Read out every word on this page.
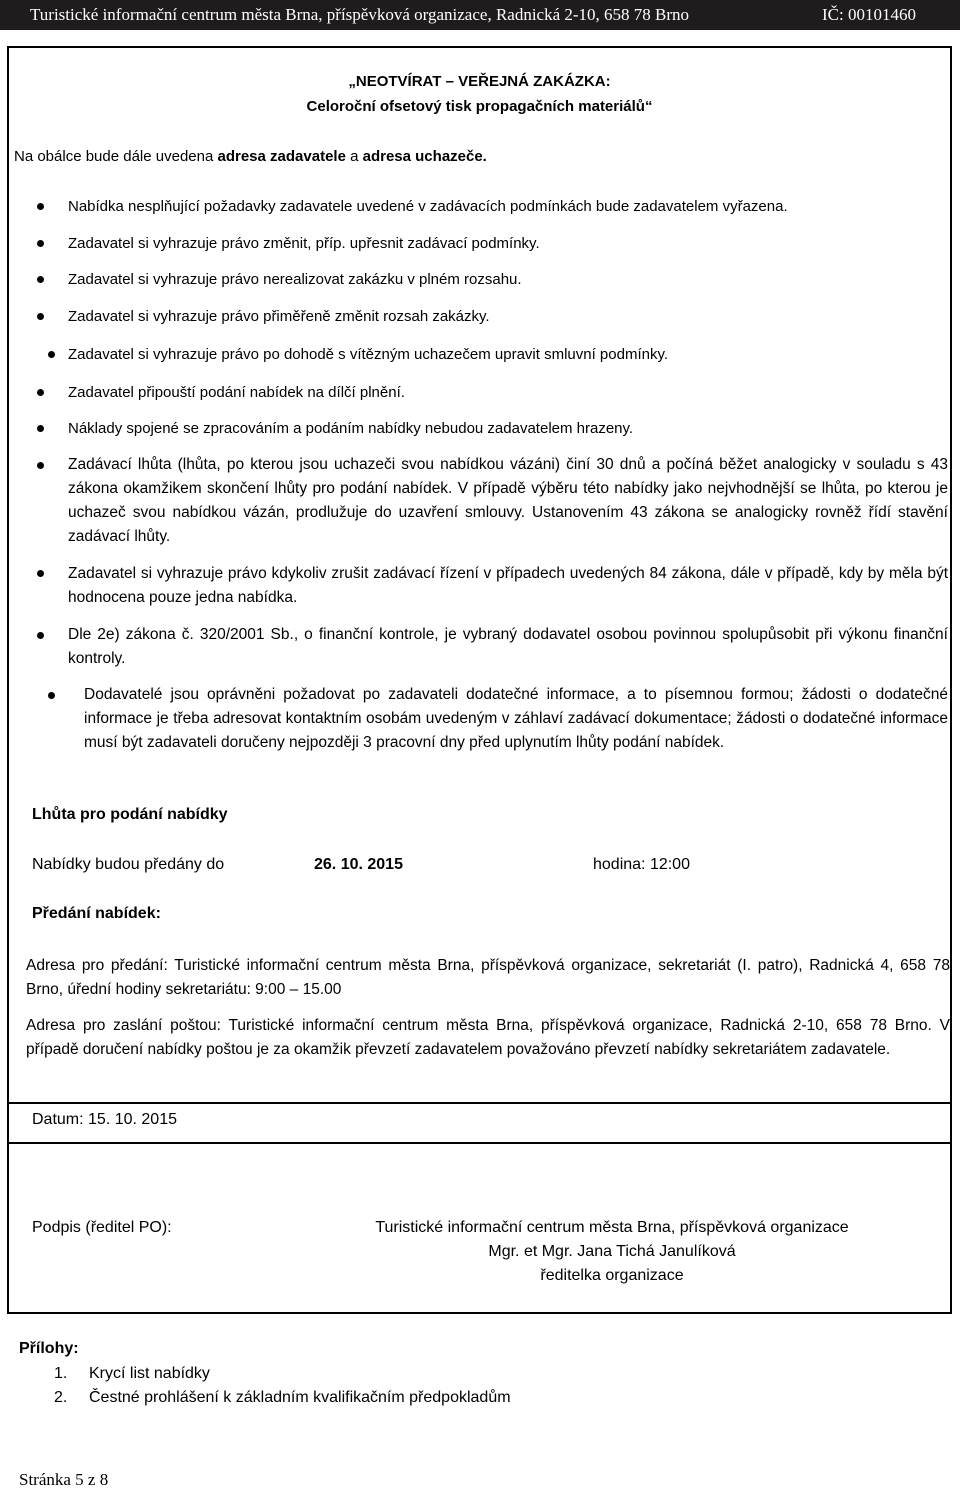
Turistické informační centrum města Brna, příspěvková organizace, Radnická 2-10, 658 78 Brno	IČ: 00101460
„NEOTVÍRAT – VEŘEJNÁ ZAKÁZKA:
Celoroční ofsetový tisk propagačních materiálů“
Na obálce bude dále uvedena adresa zadavatele a adresa uchazeče.
Nabídka nesplňující požadavky zadavatele uvedené v zadávacích podmínkách bude zadavatelem vyřazena.
Zadavatel si vyhrazuje právo změnit, příp. upřesnit zadávací podmínky.
Zadavatel si vyhrazuje právo nerealizovat zakázku v plném rozsahu.
Zadavatel si vyhrazuje právo přiměřeně změnit rozsah zakázky.
Zadavatel si vyhrazuje právo po dohodě s vítězným uchazečem upravit smluvní podmínky.
Zadavatel připouští podání nabídek na dílčí plnění.
Náklady spojené se zpracováním a podáním nabídky nebudou zadavatelem hrazeny.
Zadávací lhůta (lhůta, po kterou jsou uchazeči svou nabídkou vázáni) činí 30 dnů a počíná běžet analogicky v souladu s 43 zákona okamžikem skončení lhůty pro podání nabídek. V případě výběru této nabídky jako nejvhodnější se lhůta, po kterou je uchazeč svou nabídkou vázán, prodlužuje do uzavření smlouvy. Ustanovením 43 zákona se analogicky rovněž řídí stavění zadávací lhůty.
Zadavatel si vyhrazuje právo kdykoliv zrušit zadávací řízení v případech uvedených 84 zákona, dále v případě, kdy by měla být hodnocena pouze jedna nabídka.
Dle 2e) zákona č. 320/2001 Sb., o finanční kontrole, je vybraný dodavatel osobou povinnou spolupůsobit při výkonu finanční kontroly.
Dodavatelé jsou oprávněni požadovat po zadavateli dodatečné informace, a to písemnou formou; žádosti o dodatečné informace je třeba adresovat kontaktním osobám uvedeným v záhlaví zadávací dokumentace; žádosti o dodatečné informace musí být zadavateli doručeny nejpozději 3 pracovní dny před uplynutím lhůty podání nabídek.
Lhůta pro podání nabídky
Nabídky budou předány do	26. 10. 2015	hodina: 12:00
Předání nabídek:
Adresa pro předání: Turistické informační centrum města Brna, příspěvková organizace, sekretariát (I. patro), Radnická 4, 658 78 Brno, úřední hodiny sekretariátu: 9:00 – 15.00
Adresa pro zaslání poštou: Turistické informační centrum města Brna, příspěvková organizace, Radnická 2-10, 658 78 Brno. V případě doručení nabídky poštou je za okamžik převzetí zadavatelem považováno převzetí nabídky sekretariátem zadavatele.
Datum: 15. 10. 2015
Podpis (ředitel PO):	Turistické informační centrum města Brna, příspěvková organizace
Mgr. et Mgr. Jana Tichá Janulíková
ředitelka organizace
Přílohy:
1. Krycí list nabídky
2. Čestné prohlášení k základním kvalifikačním předpokladům
Stránka 5 z 8
